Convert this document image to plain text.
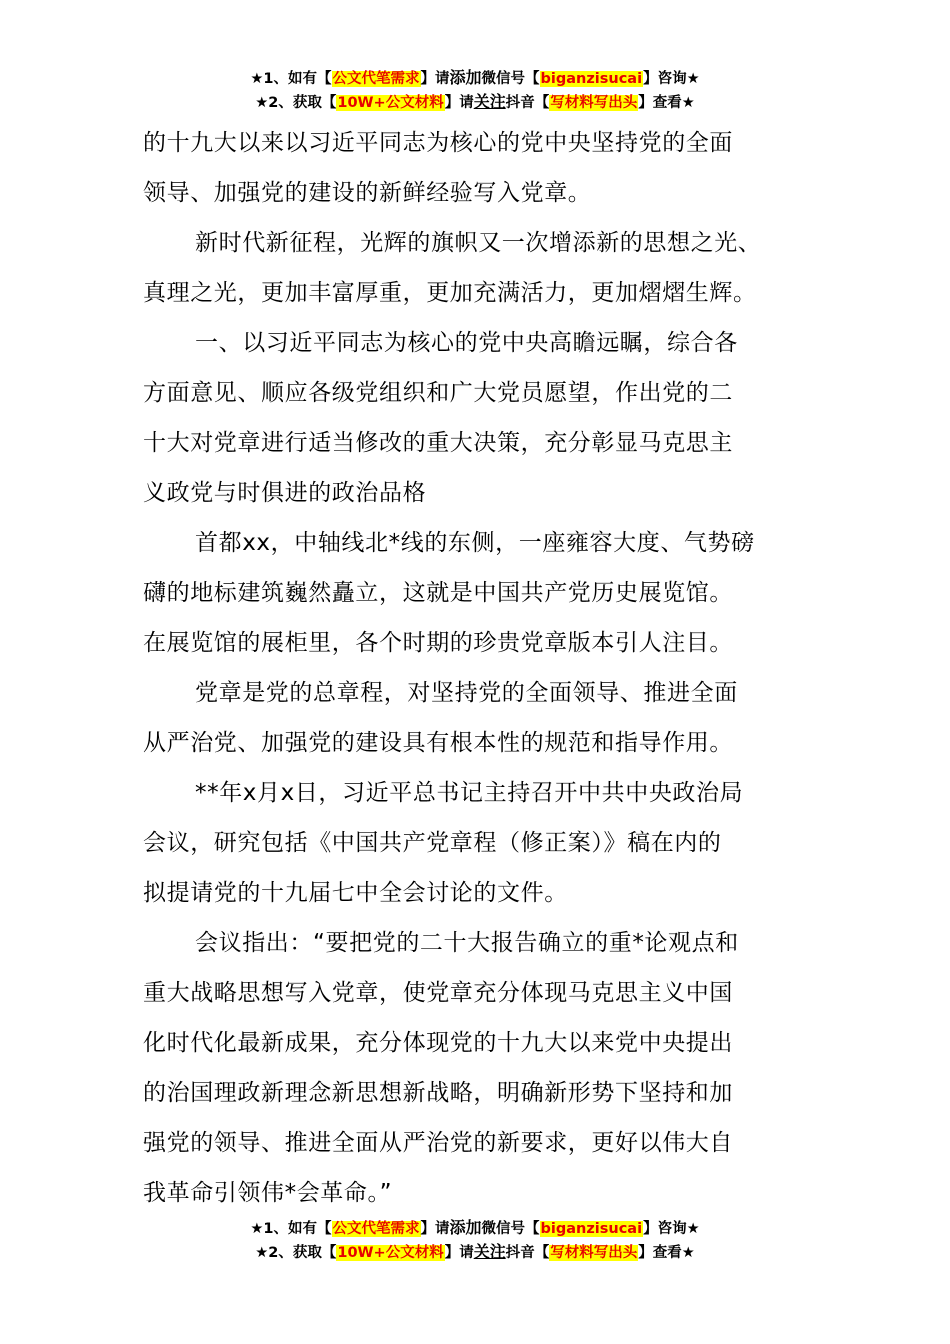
★1、如有【公文代笔需求】请添加微信号【biganzisucai】咨询★
★2、获取【10W+公文材料】请关注抖音【写材料写出头】查看★
的十九大以来以习近平同志为核心的党中央坚持党的全面
领导、加强党的建设的新鲜经验写入党章。
新时代新征程，光辉的旗帜又一次增添新的思想之光、
真理之光，更加丰富厚重，更加充满活力，更加熠熠生辉。
一、以习近平同志为核心的党中央高瞻远瞩，综合各
方面意见、顺应各级党组织和广大党员愿望，作出党的二
十大对党章进行适当修改的重大决策，充分彰显马克思主
义政党与时俱进的政治品格
首都xx，中轴线北*线的东侧，一座雍容大度、气势磅
礴的地标建筑巍然矗立，这就是中国共产党历史展览馆。
在展览馆的展柜里，各个时期的珍贵党章版本引人注目。
党章是党的总章程，对坚持党的全面领导、推进全面
从严治党、加强党的建设具有根本性的规范和指导作用。
**年x月x日，习近平总书记主持召开中共中央政治局
会议，研究包括《中国共产党章程（修正案）》稿在内的
拟提请党的十九届七中全会讨论的文件。
会议指出：“要把党的二十大报告确立的重*论观点和
重大战略思想写入党章，使党章充分体现马克思主义中国
化时代化最新成果，充分体现党的十九大以来党中央提出
的治国理政新理念新思想新战略，明确新形势下坚持和加
强党的领导、推进全面从严治党的新要求，更好以伟大自
我革命引领伟*会革命。”
★1、如有【公文代笔需求】请添加微信号【biganzisucai】咨询★
★2、获取【10W+公文材料】请关注抖音【写材料写出头】查看★
